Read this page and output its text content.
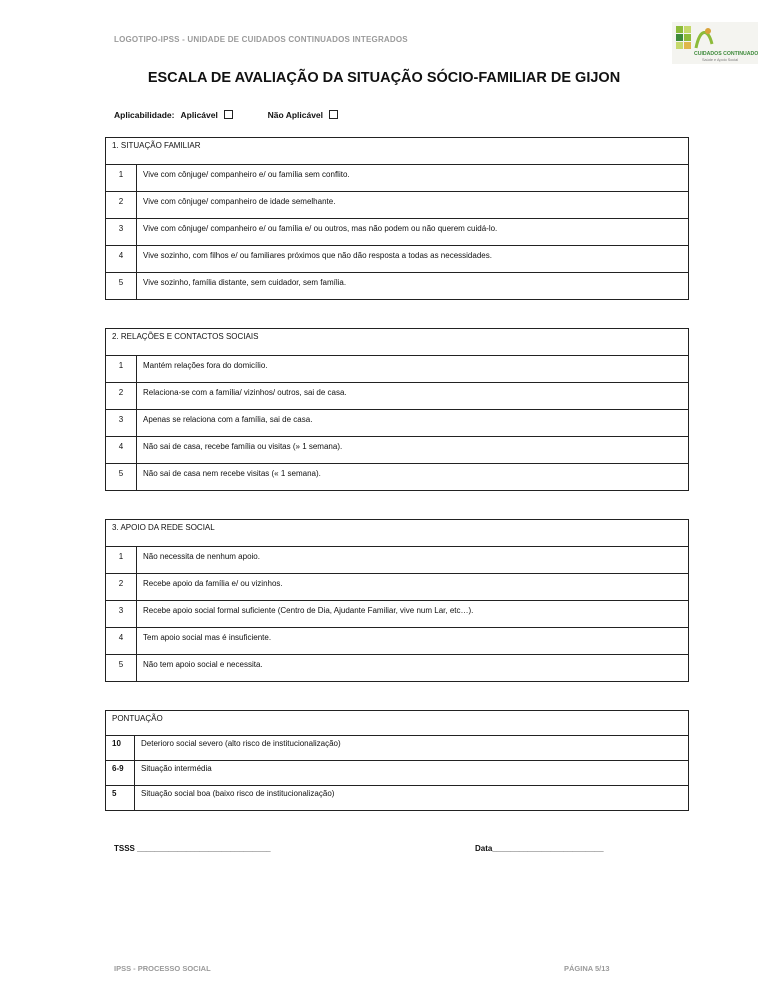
LOGOTIPO-IPSS - UNIDADE DE CUIDADOS CONTINUADOS INTEGRADOS
CUIDADOS CONTINUADOS
Saúde e Apoio Social
ESCALA DE AVALIAÇÃO DA SITUAÇÃO SÓCIO-FAMILIAR DE GIJON
Aplicabilidade: Aplicável	Não Aplicável
1. SITUAÇÃO FAMILIAR	
1	Vive com cônjuge/ companheiro e/ ou família sem conflito.
2	Vive com cônjuge/ companheiro de idade semelhante.
3	Vive com cônjuge/ companheiro e/ ou família e/ ou outros, mas não podem ou não querem cuidá-lo.
4	Vive sozinho, com filhos e/ ou familiares próximos que não dão resposta a todas as necessidades.
5	Vive sozinho, família distante, sem cuidador, sem família.
2. RELAÇÕES E CONTACTOS SOCIAIS	
1	Mantém relações fora do domicílio.
2	Relaciona-se com a família/ vizinhos/ outros, sai de casa.
3	Apenas se relaciona com a família, sai de casa.
4	Não sai de casa, recebe família ou visitas (» 1 semana).
5	Não sai de casa nem recebe visitas (« 1 semana).
3. APOIO DA REDE SOCIAL	
1	Não necessita de nenhum apoio.
2	Recebe apoio da família e/ ou vizinhos.
3	Recebe apoio social formal suficiente (Centro de Dia, Ajudante Familiar, vive num Lar, etc…).
4	Tem apoio social mas é insuficiente.
5	Não tem apoio social e necessita.
PONTUAÇÃO	
10	Deterioro social severo (alto risco de institucionalização)
6-9	Situação intermédia
5	Situação social boa (baixo risco de institucionalização)
TSSS ______________________________	Data_________________________
IPSS - PROCESSO SOCIAL	PÁGINA 5/13
